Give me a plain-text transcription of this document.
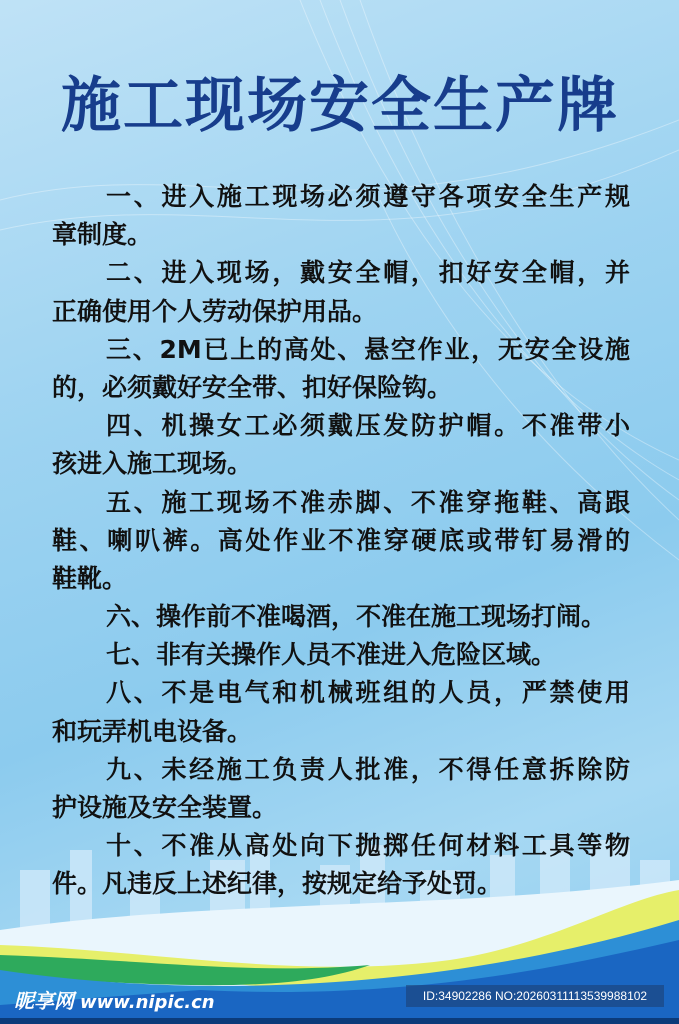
施工现场安全生产牌
一、进入施工现场必须遵守各项安全生产规
章制度。
二、进入现场，戴安全帽，扣好安全帽，并
正确使用个人劳动保护用品。
三、2M已上的高处、悬空作业，无安全设施
的，必须戴好安全带、扣好保险钩。
四、机操女工必须戴压发防护帽。不准带小
孩进入施工现场。
五、施工现场不准赤脚、不准穿拖鞋、高跟
鞋、喇叭裤。高处作业不准穿硬底或带钉易滑的
鞋靴。
六、操作前不准喝酒，不准在施工现场打闹。
七、非有关操作人员不准进入危险区域。
八、不是电气和机械班组的人员，严禁使用
和玩弄机电设备。
九、未经施工负责人批准，不得任意拆除防
护设施及安全装置。
十、不准从高处向下抛掷任何材料工具等物
件。凡违反上述纪律，按规定给予处罚。
昵享网 www.nipic.cn	ID:34902286 NO:20260311113539988102
